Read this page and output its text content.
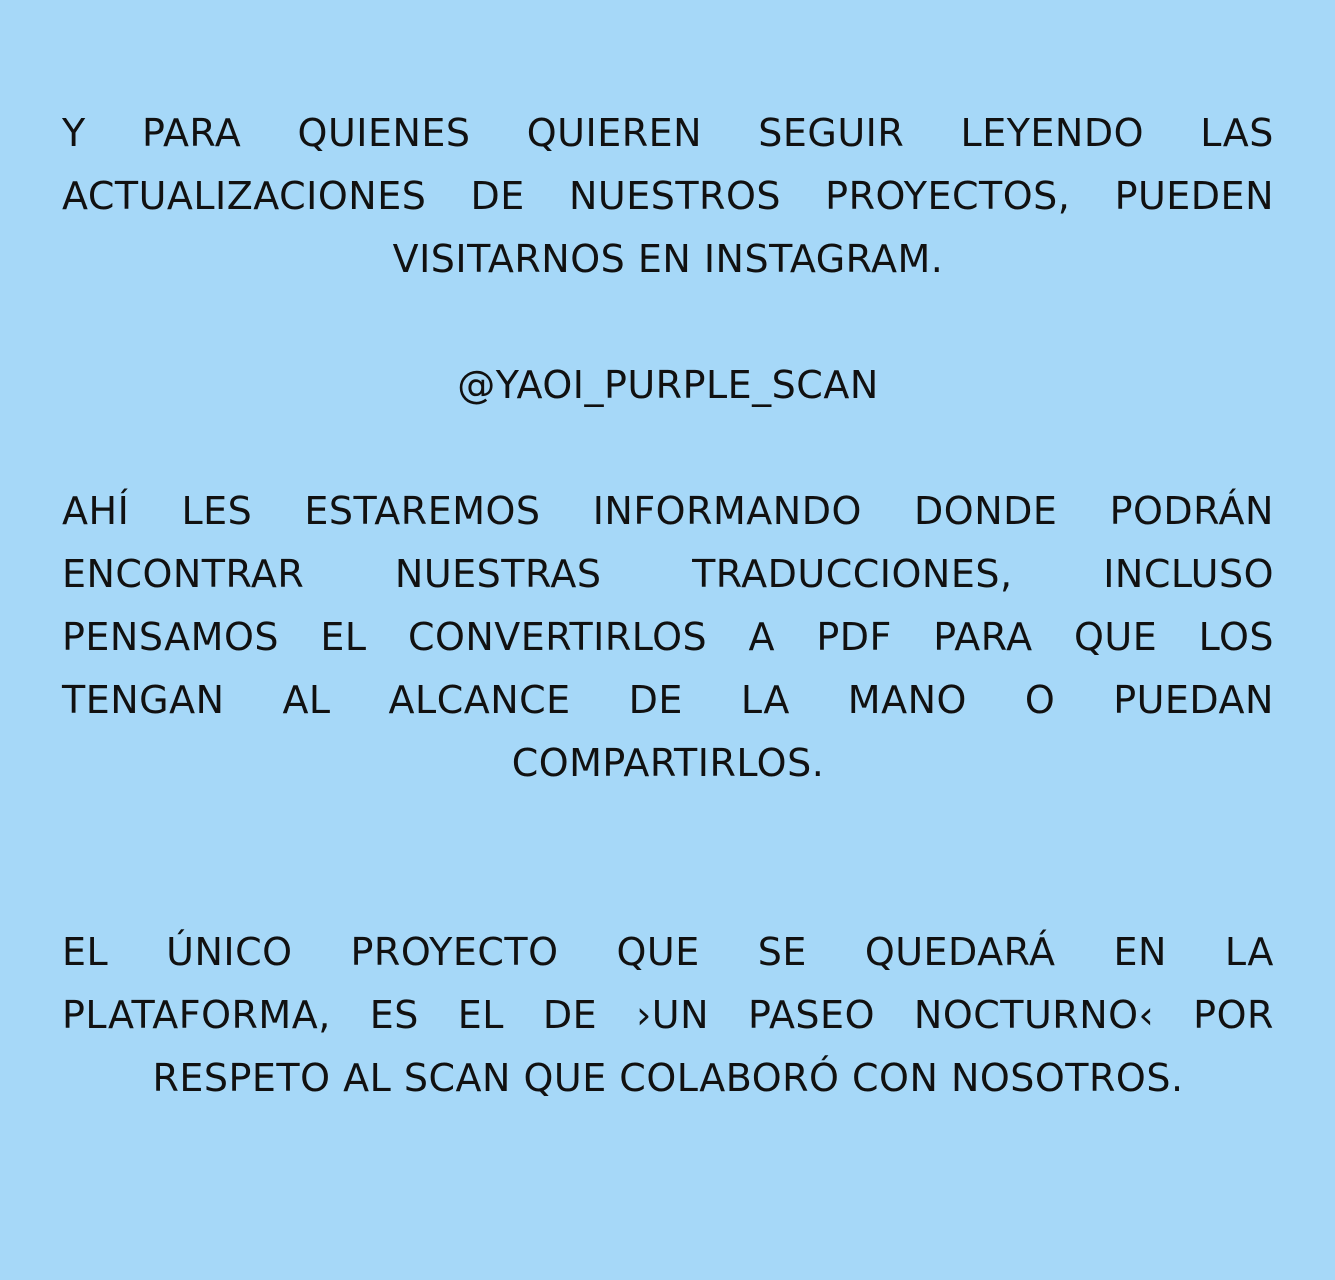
Y PARA QUIENES QUIEREN SEGUIR LEYENDO LAS
ACTUALIZACIONES DE NUESTROS PROYECTOS, PUEDEN
VISITARNOS EN INSTAGRAM.
@YAOI_PURPLE_SCAN
AHÍ LES ESTAREMOS INFORMANDO DONDE PODRÁN
ENCONTRAR NUESTRAS TRADUCCIONES, INCLUSO
PENSAMOS EL CONVERTIRLOS A PDF PARA QUE LOS
TENGAN AL ALCANCE DE LA MANO O PUEDAN
COMPARTIRLOS.
EL ÚNICO PROYECTO QUE SE QUEDARÁ EN LA
PLATAFORMA, ES EL DE ›UN PASEO NOCTURNO‹ POR
RESPETO AL SCAN QUE COLABORÓ CON NOSOTROS.
